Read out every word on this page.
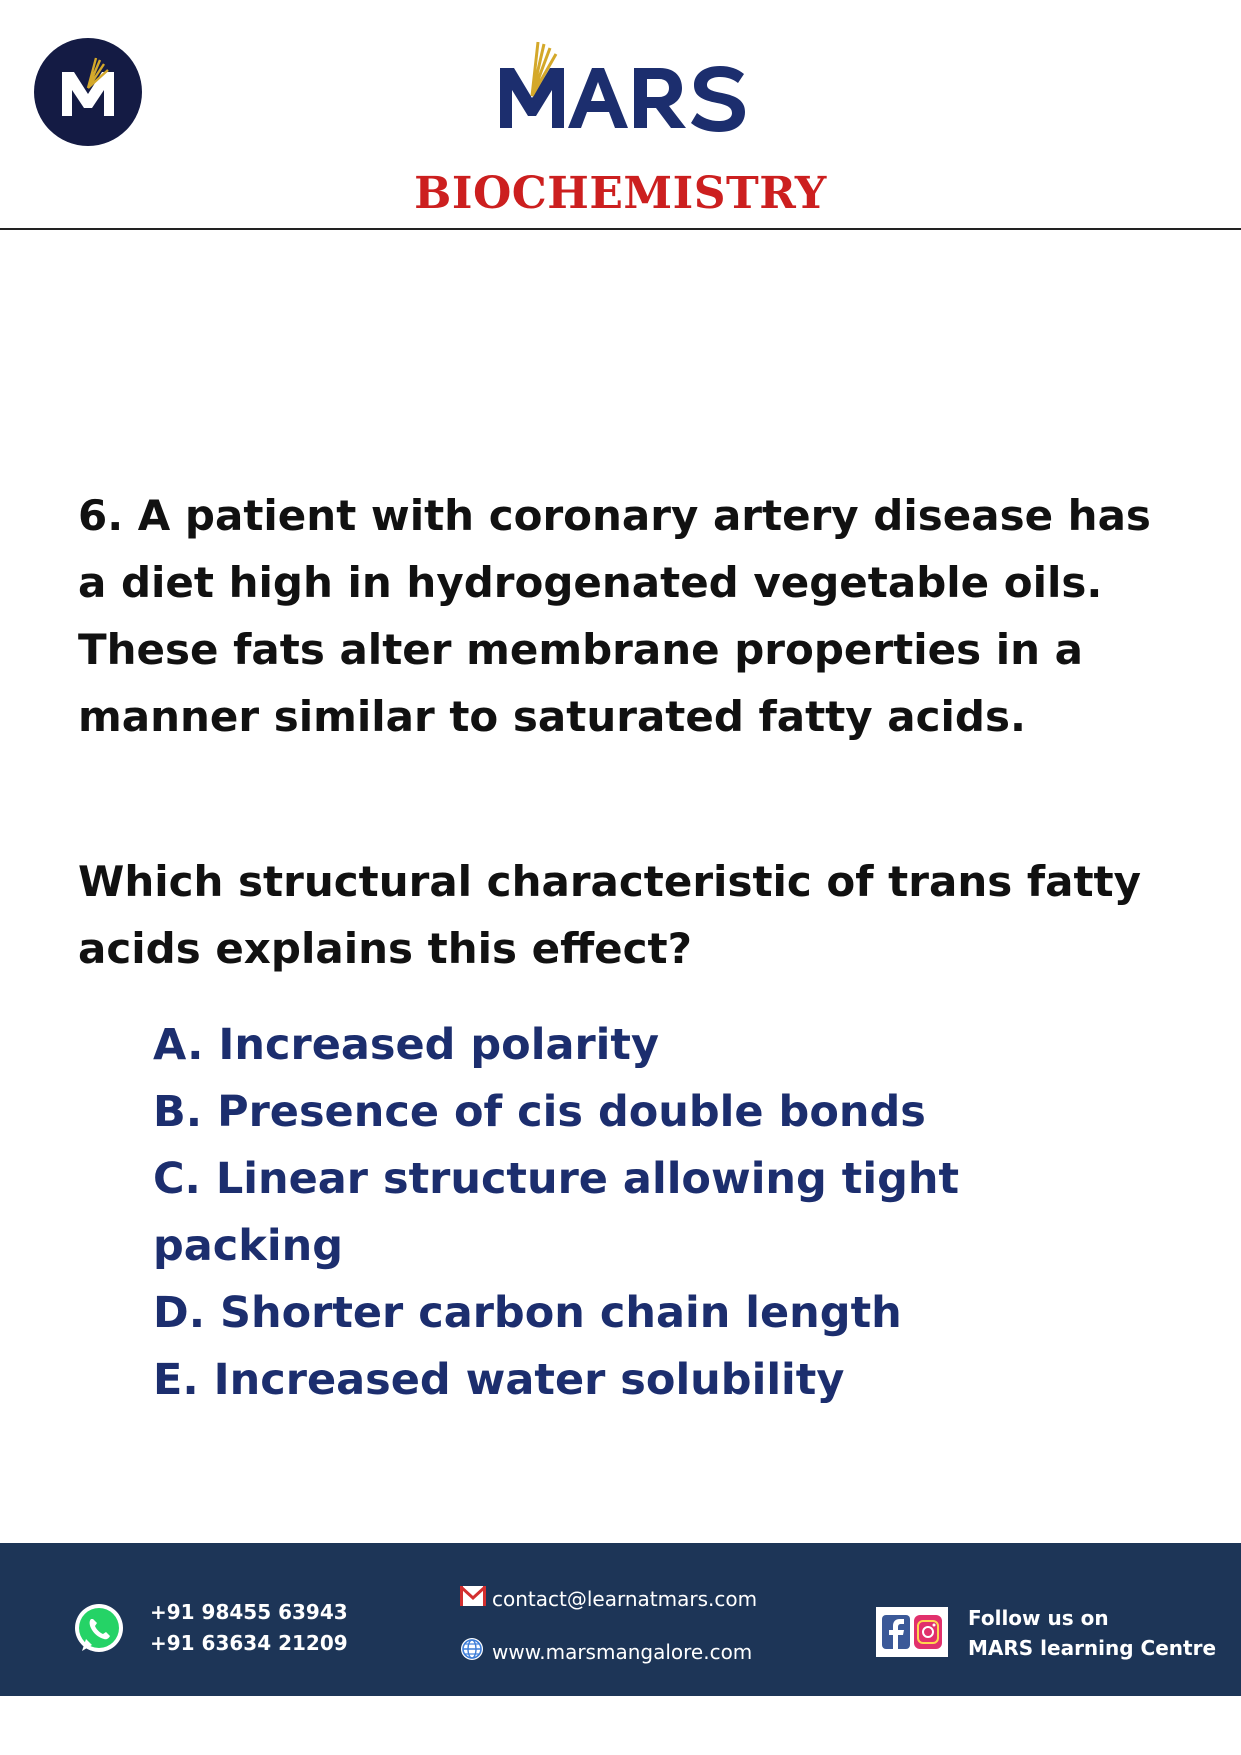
BIOCHEMISTRY

6. A patient with coronary artery disease has a diet high in hydrogenated vegetable oils. These fats alter membrane properties in a manner similar to saturated fatty acids.

Which structural characteristic of trans fatty acids explains this effect?

A. Increased polarity
B. Presence of cis double bonds
C. Linear structure allowing tight packing
D. Shorter carbon chain length
E. Increased water solubility
+91 98455 63943
+91 63634 21209
contact@learnatmars.com
www.marsmangalore.com
Follow us on
MARS learning Centre
